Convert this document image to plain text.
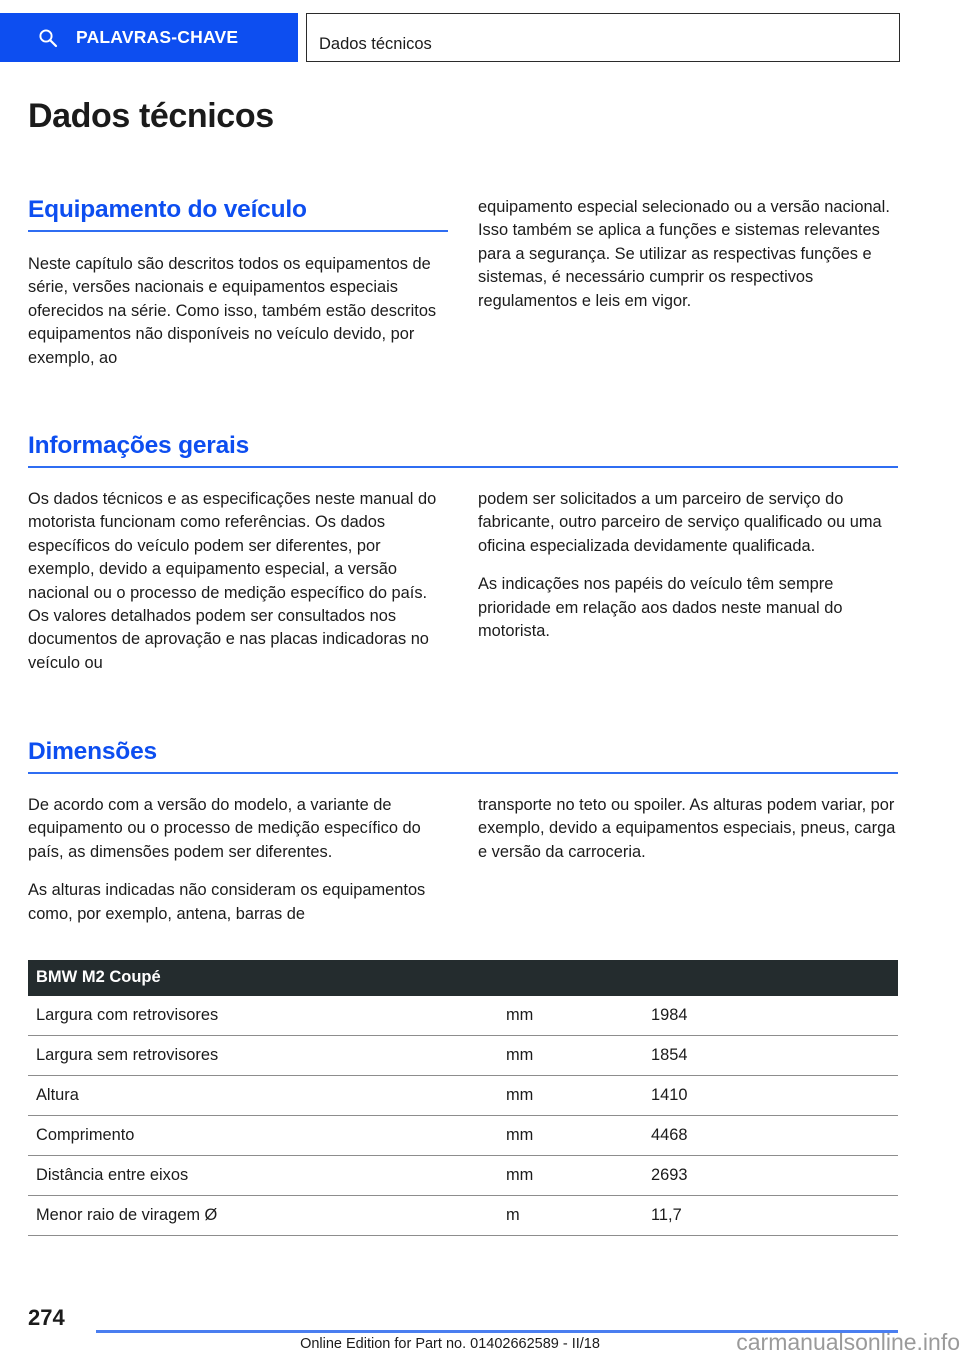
PALAVRAS-CHAVE	Dados técnicos
Dados técnicos
Equipamento do veículo

Neste capítulo são descritos todos os equipamentos de série, versões nacionais e equipamentos especiais oferecidos na série. Como isso, também estão descritos equipamentos não disponíveis no veículo devido, por exemplo, ao

equipamento especial selecionado ou a versão nacional. Isso também se aplica a funções e sistemas relevantes para a segurança. Se utilizar as respectivas funções e sistemas, é necessário cumprir os respectivos regulamentos e leis em vigor.

Informações gerais

Os dados técnicos e as especificações neste manual do motorista funcionam como referências. Os dados específicos do veículo podem ser diferentes, por exemplo, devido a equipamento especial, a versão nacional ou o processo de medição específico do país. Os valores detalhados podem ser consultados nos documentos de aprovação e nas placas indicadoras no veículo ou

podem ser solicitados a um parceiro de serviço do fabricante, outro parceiro de serviço qualificado ou uma oficina especializada devidamente qualificada.

As indicações nos papéis do veículo têm sempre prioridade em relação aos dados neste manual do motorista.

Dimensões

De acordo com a versão do modelo, a variante de equipamento ou o processo de medição específico do país, as dimensões podem ser diferentes.

As alturas indicadas não consideram os equipamentos como, por exemplo, antena, barras de

transporte no teto ou spoiler. As alturas podem variar, por exemplo, devido a equipamentos especiais, pneus, carga e versão da carroceria.

BMW M2 Coupé		
Largura com retrovisores	mm	1984
Largura sem retrovisores	mm	1854
Altura	mm	1410
Comprimento	mm	4468
Distância entre eixos	mm	2693
Menor raio de viragem Ø	m	11,7
274
Online Edition for Part no. 01402662589 - II/18	carmanualsonline.info
